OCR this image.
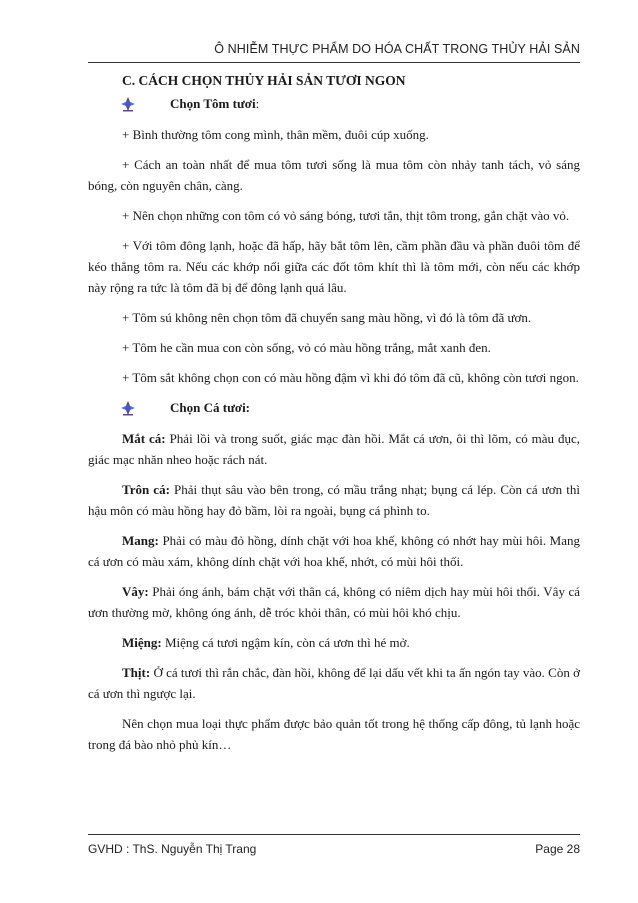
Ô NHIỄM THỰC PHẨM DO HÓA CHẤT TRONG THỦY HẢI SẢN
C. CÁCH CHỌN THỦY HẢI SẢN TƯƠI NGON
Chọn Tôm tươi :

+ Bình thường tôm cong mình, thân mềm, đuôi cúp xuống.

+ Cách an toàn nhất để mua tôm tươi sống là mua tôm còn nhảy tanh tách, vỏ sáng bóng, còn nguyên chân, càng.

+ Nên chọn những con tôm có vỏ sáng bóng, tươi tắn, thịt tôm trong, gắn chặt vào vỏ.

+ Với tôm đông lạnh, hoặc đã hấp, hãy bắt tôm lên, cầm phần đầu và phần đuôi tôm để kéo thẳng tôm ra. Nếu các khớp nối giữa các đốt tôm khít thì là tôm mới, còn nếu các khớp này rộng ra tức là tôm đã bị để đông lạnh quá lâu.

+ Tôm sú không nên chọn tôm đã chuyển sang màu hồng, vì đó là tôm đã ươn.

+ Tôm he cần mua con còn sống, vỏ có màu hồng trắng, mắt xanh đen.

+ Tôm sắt không chọn con có màu hồng đậm vì khi đó tôm đã cũ, không còn tươi ngon.

Chọn Cá tươi:

Mắt cá: Phải lồi và trong suốt, giác mạc đàn hồi. Mắt cá ươn, ôi thì lõm, có màu đục, giác mạc nhăn nheo hoặc rách nát.

Trôn cá: Phải thụt sâu vào bên trong, có mầu trắng nhạt; bụng cá lép. Còn cá ươn thì hậu môn có màu hồng hay đỏ bầm, lòi ra ngoài, bụng cá phình to.

Mang: Phải có màu đỏ hồng, dính chặt với hoa khế, không có nhớt hay mùi hôi. Mang cá ươn có màu xám, không dính chặt với hoa khế, nhớt, có mùi hôi thối.

Vây: Phải óng ánh, bám chặt với thân cá, không có niêm dịch hay mùi hôi thối. Vây cá ươn thường mờ, không óng ánh, dễ tróc khỏi thân, có mùi hôi khó chịu.

Miệng: Miệng cá tươi ngậm kín, còn cá ươn thì hé mở.

Thịt: Ở cá tươi thì rắn chắc, đàn hồi, không để lại dấu vết khi ta ấn ngón tay vào. Còn ở cá ươn thì ngược lại.

Nên chọn mua loại thực phẩm được bảo quản tốt trong hệ thống cấp đông, tủ lạnh hoặc trong đá bào nhỏ phủ kín…

GVHD : ThS. Nguyễn Thị Trang	Page 28
